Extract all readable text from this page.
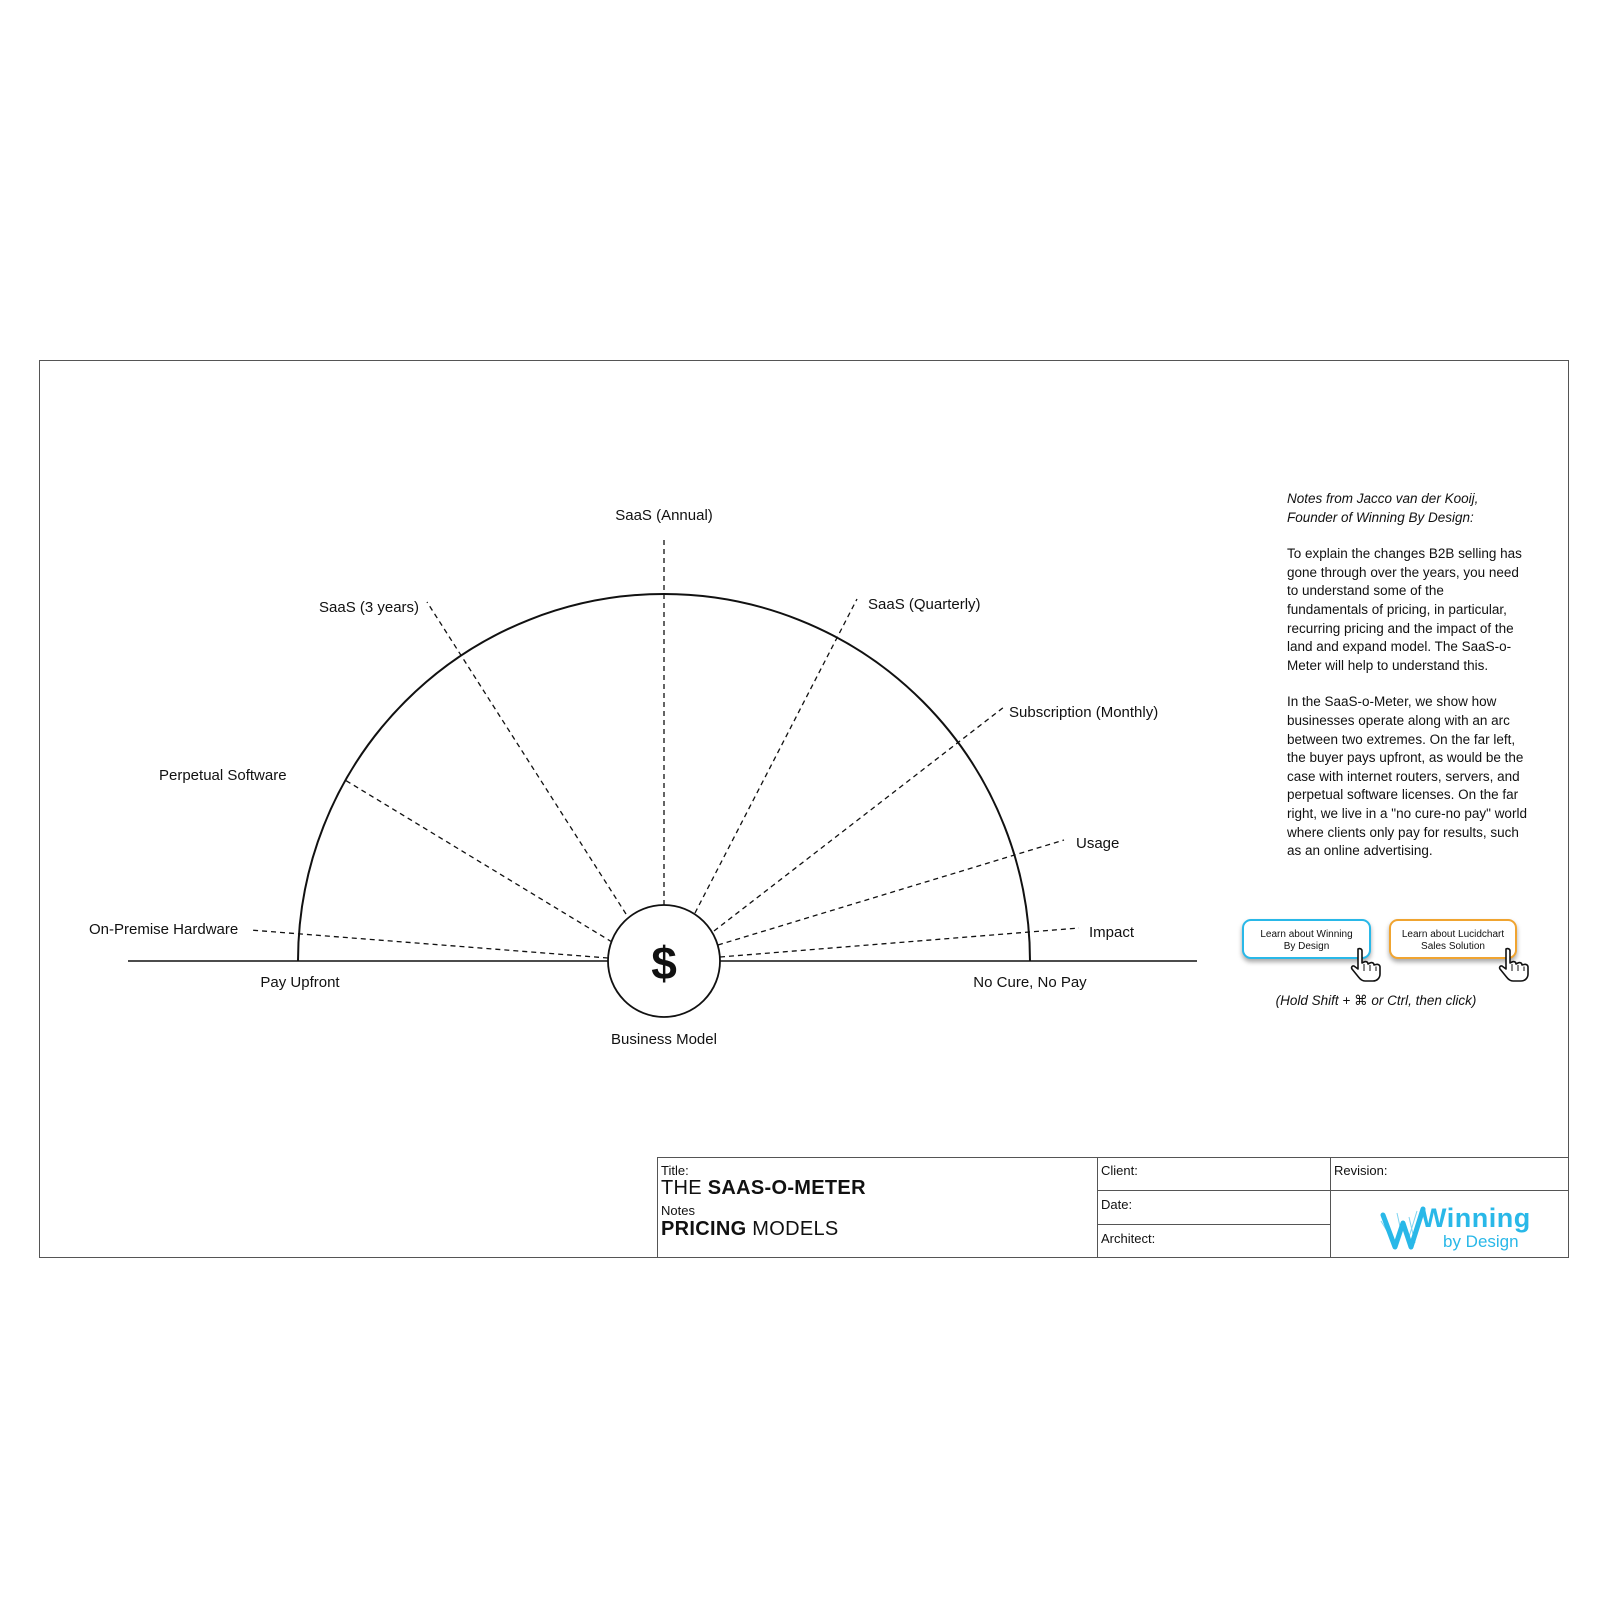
$
On-Premise Hardware
Perpetual Software
SaaS (3 years)
SaaS (Annual)
SaaS (Quarterly)
Subscription (Monthly)
Usage
Impact
Pay Upfront	No Cure, No Pay
Business Model

Notes from Jacco van der Kooij,
Founder of Winning By Design:

To explain the changes B2B selling has gone through over the years, you need to understand some of the fundamentals of pricing, in particular, recurring pricing and the impact of the land and expand model. The SaaS-o-Meter will help to understand this.

In the SaaS-o-Meter, we show how businesses operate along with an arc between two extremes. On the far left, the buyer pays upfront, as would be the case with internet routers, servers, and perpetual software licenses. On the far right, we live in a "no cure-no pay" world where clients only pay for results, such as an online advertising.

Learn about Winning
By Design
Learn about Lucidchart
Sales Solution
(Hold Shift + ⌘ or Ctrl, then click)
Title:
THE SAAS-O-METER
Notes
PRICING MODELS
Client:
Date:
Architect:
Revision:
Winning
by Design
